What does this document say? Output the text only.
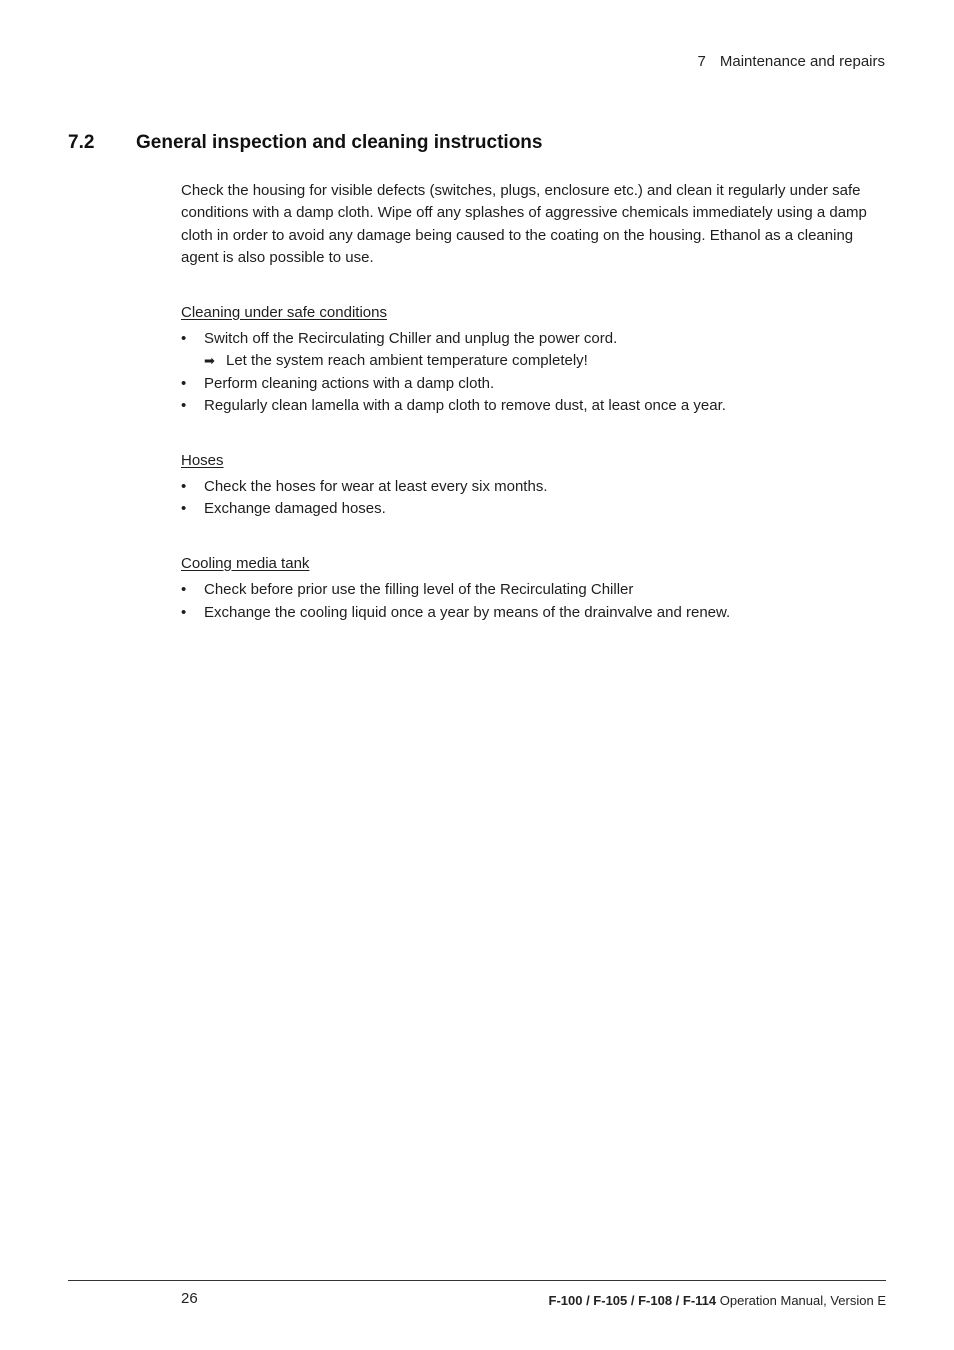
7 Maintenance and repairs
7.2 General inspection and cleaning instructions

Check the housing for visible defects (switches, plugs, enclosure etc.) and clean it regularly under safe conditions with a damp cloth. Wipe off any splashes of aggressive chemicals immediately using a damp cloth in order to avoid any damage being caused to the coating on the housing. Ethanol as a cleaning agent is also possible to use.

Cleaning under safe conditions
• Switch off the Recirculating Chiller and unplug the power cord.
➡ Let the system reach ambient temperature completely!
• Perform cleaning actions with a damp cloth.
• Regularly clean lamella with a damp cloth to remove dust, at least once a year.
Hoses
• Check the hoses for wear at least every six months.
• Exchange damaged hoses.
Cooling media tank
• Check before prior use the filling level of the Recirculating Chiller
• Exchange the cooling liquid once a year by means of the drainvalve and renew.
26	F-100 / F-105 / F-108 / F-114 Operation Manual, Version E
